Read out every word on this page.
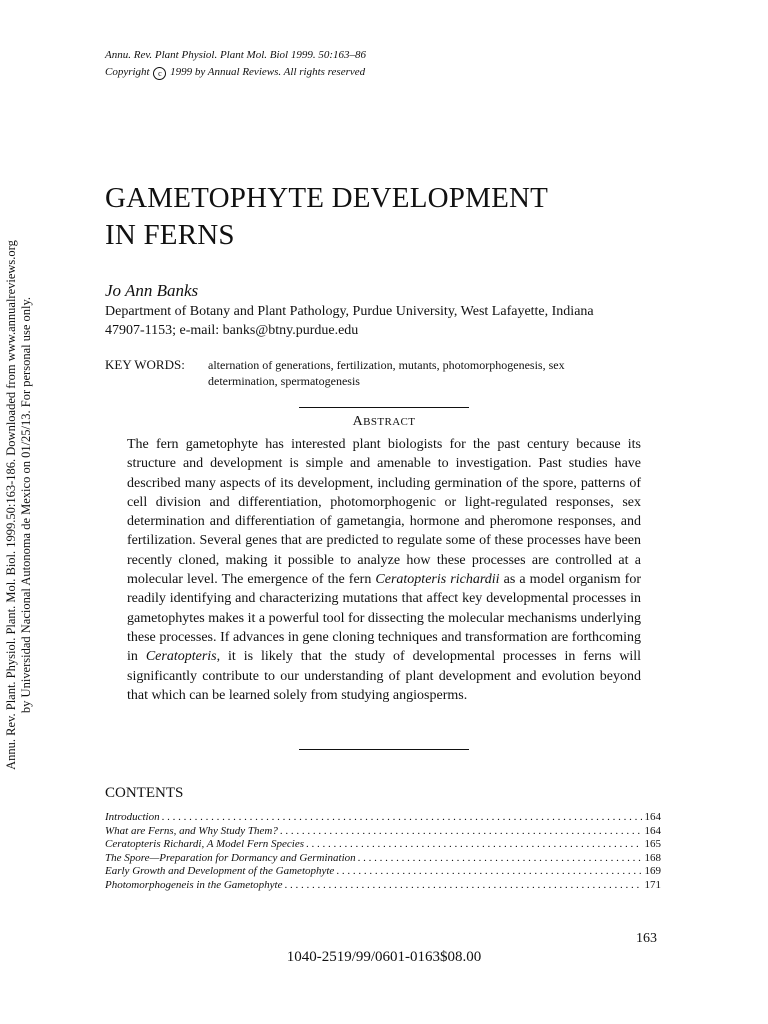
Annu. Rev. Plant. Physiol. Plant. Mol. Biol. 1999.50:163-186. Downloaded from www.annualreviews.org by Universidad Nacional Autonoma de Mexico on 01/25/13. For personal use only.
Annu. Rev. Plant Physiol. Plant Mol. Biol 1999. 50:163–86
Copyright c 1999 by Annual Reviews. All rights reserved
GAMETOPHYTE DEVELOPMENT
IN FERNS
Jo Ann Banks
Department of Botany and Plant Pathology, Purdue University, West Lafayette, Indiana
47907-1153; e-mail: banks@btny.purdue.edu
KEY WORDS: alternation of generations, fertilization, mutants, photomorphogenesis, sex
determination, spermatogenesis
ABSTRACT
The fern gametophyte has interested plant biologists for the past century because its structure and development is simple and amenable to investigation. Past studies have described many aspects of its development, including germination of the spore, patterns of cell division and differentiation, photomorphogenic or light-regulated responses, sex determination and differentiation of gametangia, hormone and pheromone responses, and fertilization. Several genes that are predicted to regulate some of these processes have been recently cloned, making it possible to analyze how these processes are controlled at a molecular level. The emergence of the fern Ceratopteris richardii as a model organism for readily identifying and characterizing mutations that affect key developmental processes in gametophytes makes it a powerful tool for dissecting the molecular mechanisms underlying these processes. If advances in gene cloning techniques and transformation are forthcoming in Ceratopteris, it is likely that the study of developmental processes in ferns will significantly contribute to our understanding of plant development and evolution beyond that which can be learned solely from studying angiosperms.
CONTENTS
Introduction . . .	164
What are Ferns, and Why Study Them? . . .	164
Ceratopteris Richardi, A Model Fern Species . . .	165
The Spore—Preparation for Dormancy and Germination . . .	168
Early Growth and Development of the Gametophyte . . .	169
Photomorphogeneis in the Gametophyte . . .	171
163
1040-2519/99/0601-0163$08.00
